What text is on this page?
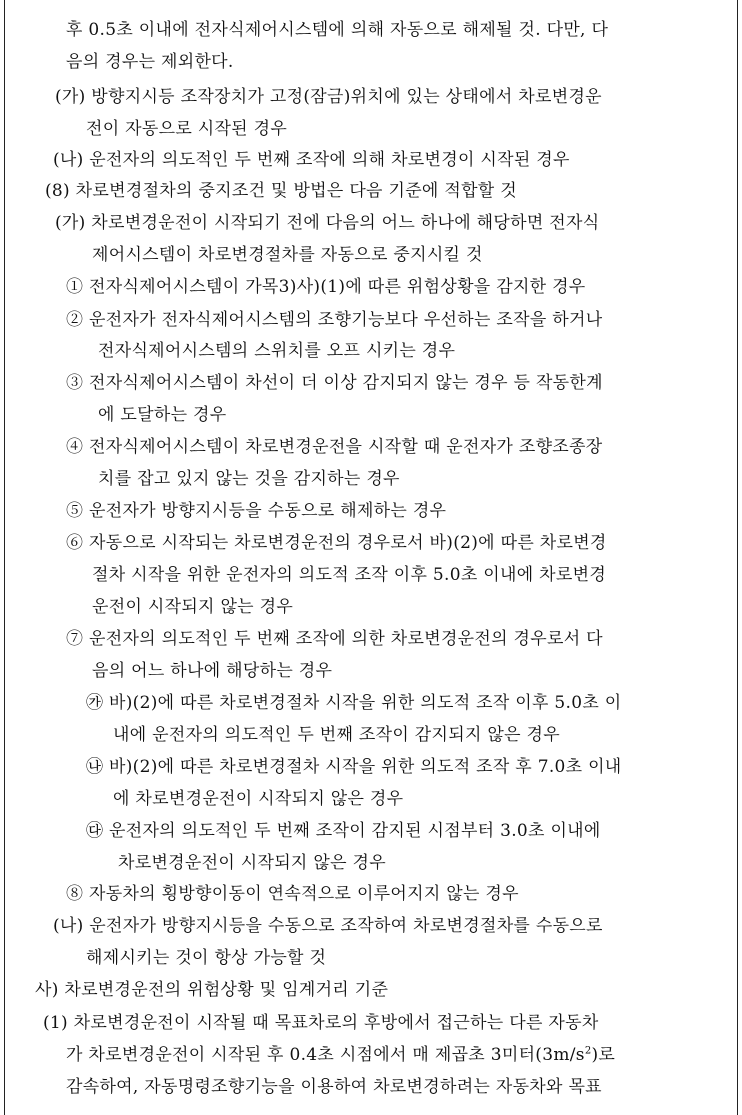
후 0.5초 이내에 전자식제어시스템에 의해 자동으로 해제될 것. 다만, 다
음의 경우는 제외한다.
(가) 방향지시등 조작장치가 고정(잠금)위치에 있는 상태에서 차로변경운
전이 자동으로 시작된 경우
(나) 운전자의 의도적인 두 번째 조작에 의해 차로변경이 시작된 경우
(8) 차로변경절차의 중지조건 및 방법은 다음 기준에 적합할 것
(가) 차로변경운전이 시작되기 전에 다음의 어느 하나에 해당하면 전자식
제어시스템이 차로변경절차를 자동으로 중지시킬 것
① 전자식제어시스템이 가목3)사)(1)에 따른 위험상황을 감지한 경우
② 운전자가 전자식제어시스템의 조향기능보다 우선하는 조작을 하거나
전자식제어시스템의 스위치를 오프 시키는 경우
③ 전자식제어시스템이 차선이 더 이상 감지되지 않는 경우 등 작동한계
에 도달하는 경우
④ 전자식제어시스템이 차로변경운전을 시작할 때 운전자가 조향조종장
치를 잡고 있지 않는 것을 감지하는 경우
⑤ 운전자가 방향지시등을 수동으로 해제하는 경우
⑥ 자동으로 시작되는 차로변경운전의 경우로서 바)(2)에 따른 차로변경
절차 시작을 위한 운전자의 의도적 조작 이후 5.0초 이내에 차로변경
운전이 시작되지 않는 경우
⑦ 운전자의 의도적인 두 번째 조작에 의한 차로변경운전의 경우로서 다
음의 어느 하나에 해당하는 경우
㉮ 바)(2)에 따른 차로변경절차 시작을 위한 의도적 조작 이후 5.0초 이
내에 운전자의 의도적인 두 번째 조작이 감지되지 않은 경우
㉯ 바)(2)에 따른 차로변경절차 시작을 위한 의도적 조작 후 7.0초 이내
에 차로변경운전이 시작되지 않은 경우
㉰ 운전자의 의도적인 두 번째 조작이 감지된 시점부터 3.0초 이내에
차로변경운전이 시작되지 않은 경우
⑧ 자동차의 횡방향이동이 연속적으로 이루어지지 않는 경우
(나) 운전자가 방향지시등을 수동으로 조작하여 차로변경절차를 수동으로
해제시키는 것이 항상 가능할 것
사) 차로변경운전의 위험상황 및 임계거리 기준
(1) 차로변경운전이 시작될 때 목표차로의 후방에서 접근하는 다른 자동차
가 차로변경운전이 시작된 후 0.4초 시점에서 매 제곱초 3미터$(3m/s^2)$로
감속하여, 자동명령조향기능을 이용하여 차로변경하려는 자동차와 목표
